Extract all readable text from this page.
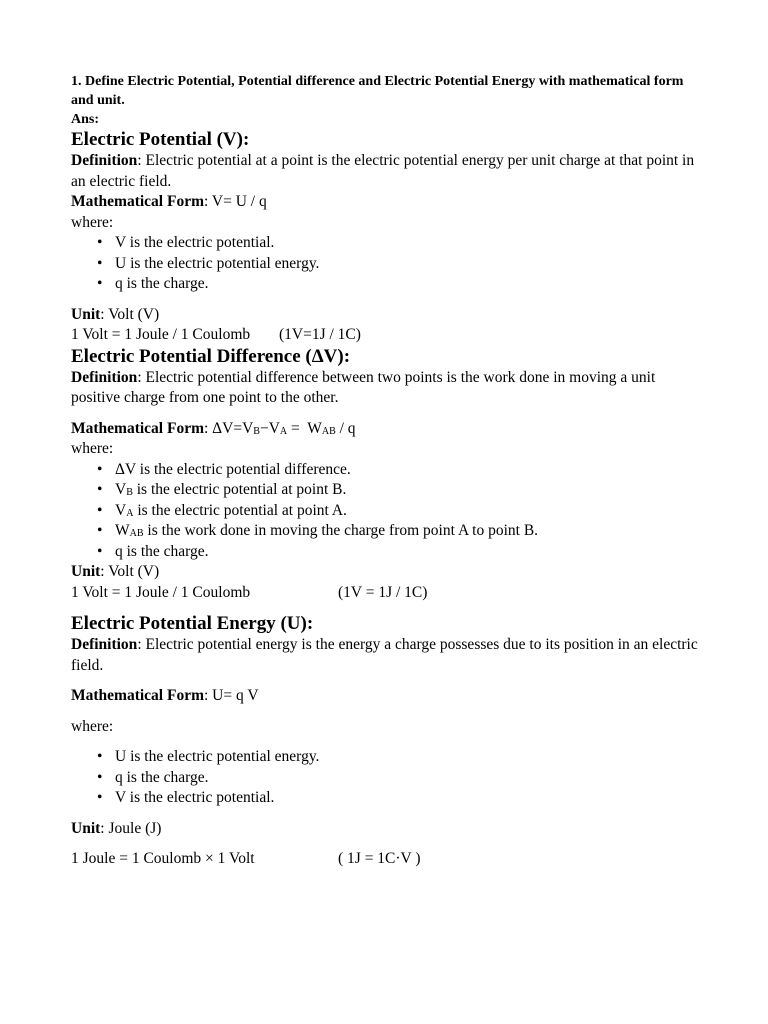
1. Define Electric Potential, Potential difference and Electric Potential Energy with mathematical form and unit.

Ans:

Electric Potential (V):

Definition: Electric potential at a point is the electric potential energy per unit charge at that point in an electric field.

Mathematical Form: V= U / q

where:

• V is the electric potential.
• U is the electric potential energy.
• q is the charge.

Unit: Volt (V)

1 Volt = 1 Joule / 1 Coulomb (1V=1J / 1C)

Electric Potential Difference (ΔV):

Definition: Electric potential difference between two points is the work done in moving a unit positive charge from one point to the other.

Mathematical Form: $\Delta V=V_B-V_A = W_{AB} / q$

where:

• ΔV is the electric potential difference.
• $V_B$ is the electric potential at point B.
• $V_A$ is the electric potential at point A.
• $W_{AB}$ is the work done in moving the charge from point A to point B.
• q is the charge.

Unit: Volt (V)

1 Volt = 1 Joule / 1 Coulomb	(1V = 1J / 1C)

Electric Potential Energy (U):

Definition: Electric potential energy is the energy a charge possesses due to its position in an electric field.

Mathematical Form: U= q V

where:

• U is the electric potential energy.
• q is the charge.
• V is the electric potential.

Unit: Joule (J)

1 Joule = 1 Coulomb × 1 Volt	( 1J = 1C·V )
